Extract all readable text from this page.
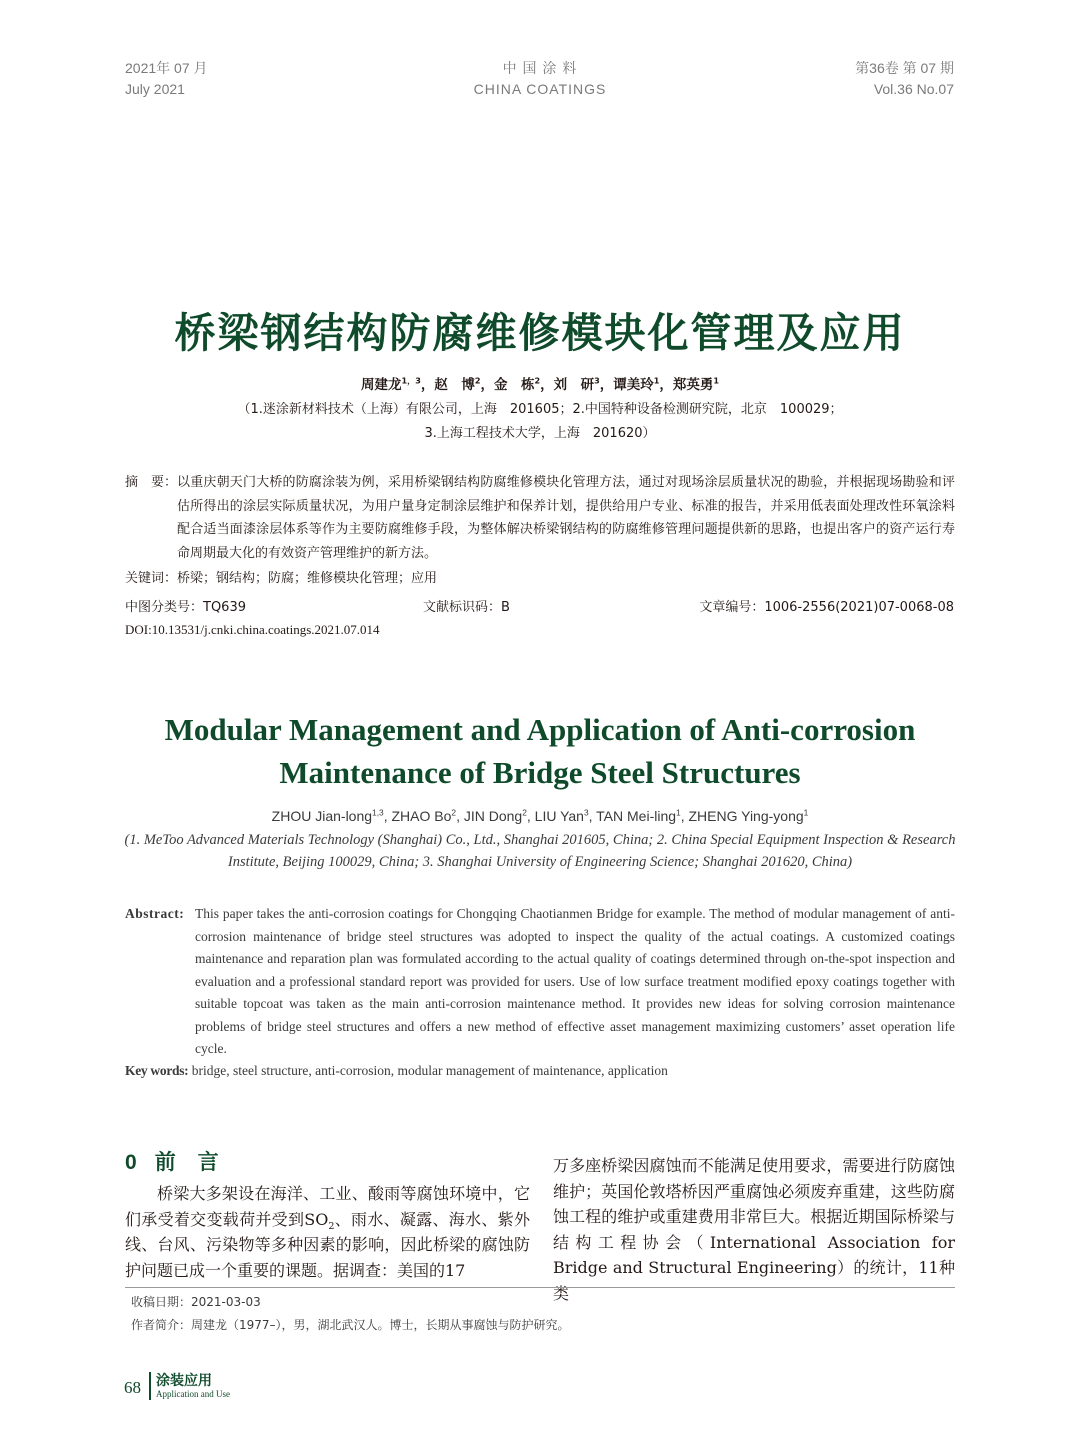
2021年 07 月
July 2021
中 国 涂 料
CHINA COATINGS
第36卷 第 07 期
Vol.36 No.07
桥梁钢结构防腐维修模块化管理及应用
周建龙$^{1,3}$，赵　博$^2$，金　栋$^2$，刘　研$^3$，谭美玲$^1$，郑英勇$^1$
（1.迷涂新材料技术（上海）有限公司，上海　201605；2.中国特种设备检测研究院，北京　100029；
3.上海工程技术大学，上海　201620）
摘　要： 以重庆朝天门大桥的防腐涂装为例，采用桥梁钢结构防腐维修模块化管理方法，通过对现场涂层质量状况的勘验，并根据现场勘验和评估所得出的涂层实际质量状况，为用户量身定制涂层维护和保养计划，提供给用户专业、标准的报告，并采用低表面处理改性环氧涂料配合适当面漆涂层体系等作为主要防腐维修手段，为整体解决桥梁钢结构的防腐维修管理问题提供新的思路，也提出客户的资产运行寿命周期最大化的有效资产管理维护的新方法。
关键词：桥梁；钢结构；防腐；维修模块化管理；应用
中图分类号：TQ639	文献标识码：B	文章编号：1006-2556(2021)07-0068-08
DOI:10.13531/j.cnki.china.coatings.2021.07.014
Modular Management and Application of Anti-corrosion
Maintenance of Bridge Steel Structures
ZHOU Jian-long$^{1,3}$, ZHAO Bo$^2$, JIN Dong$^2$, LIU Yan$^3$, TAN Mei-ling$^1$, ZHENG Ying-yong$^1$
(1. MeToo Advanced Materials Technology (Shanghai) Co., Ltd., Shanghai 201605, China; 2. China Special Equipment Inspection & Research Institute, Beijing 100029, China; 3. Shanghai University of Engineering Science; Shanghai 201620, China)
Abstract: This paper takes the anti-corrosion coatings for Chongqing Chaotianmen Bridge for example. The method of modular management of anti-corrosion maintenance of bridge steel structures was adopted to inspect the quality of the actual coatings. A customized coatings maintenance and reparation plan was formulated according to the actual quality of coatings determined through on-the-spot inspection and evaluation and a professional standard report was provided for users. Use of low surface treatment modified epoxy coatings together with suitable topcoat was taken as the main anti-corrosion maintenance method. It provides new ideas for solving corrosion maintenance problems of bridge steel structures and offers a new method of effective asset management maximizing customers’ asset operation life cycle.
Key words: bridge, steel structure, anti-corrosion, modular management of maintenance, application
0 前言
桥梁大多架设在海洋、工业、酸雨等腐蚀环境中，它们承受着交变载荷并受到$SO_2$、雨水、凝露、海水、紫外线、台风、污染物等多种因素的影响，因此桥梁的腐蚀防护问题已成一个重要的课题。据调查：美国的17
万多座桥梁因腐蚀而不能满足使用要求，需要进行防腐蚀维护；英国伦敦塔桥因严重腐蚀必须废弃重建，这些防腐蚀工程的维护或重建费用非常巨大。根据近期国际桥梁与结构工程协会（International Association for Bridge and Structural Engineering）的统计，11种类
收稿日期：2021-03-03
作者简介：周建龙（1977–），男，湖北武汉人。博士，长期从事腐蚀与防护研究。
68 涂装应用
Application and Use
